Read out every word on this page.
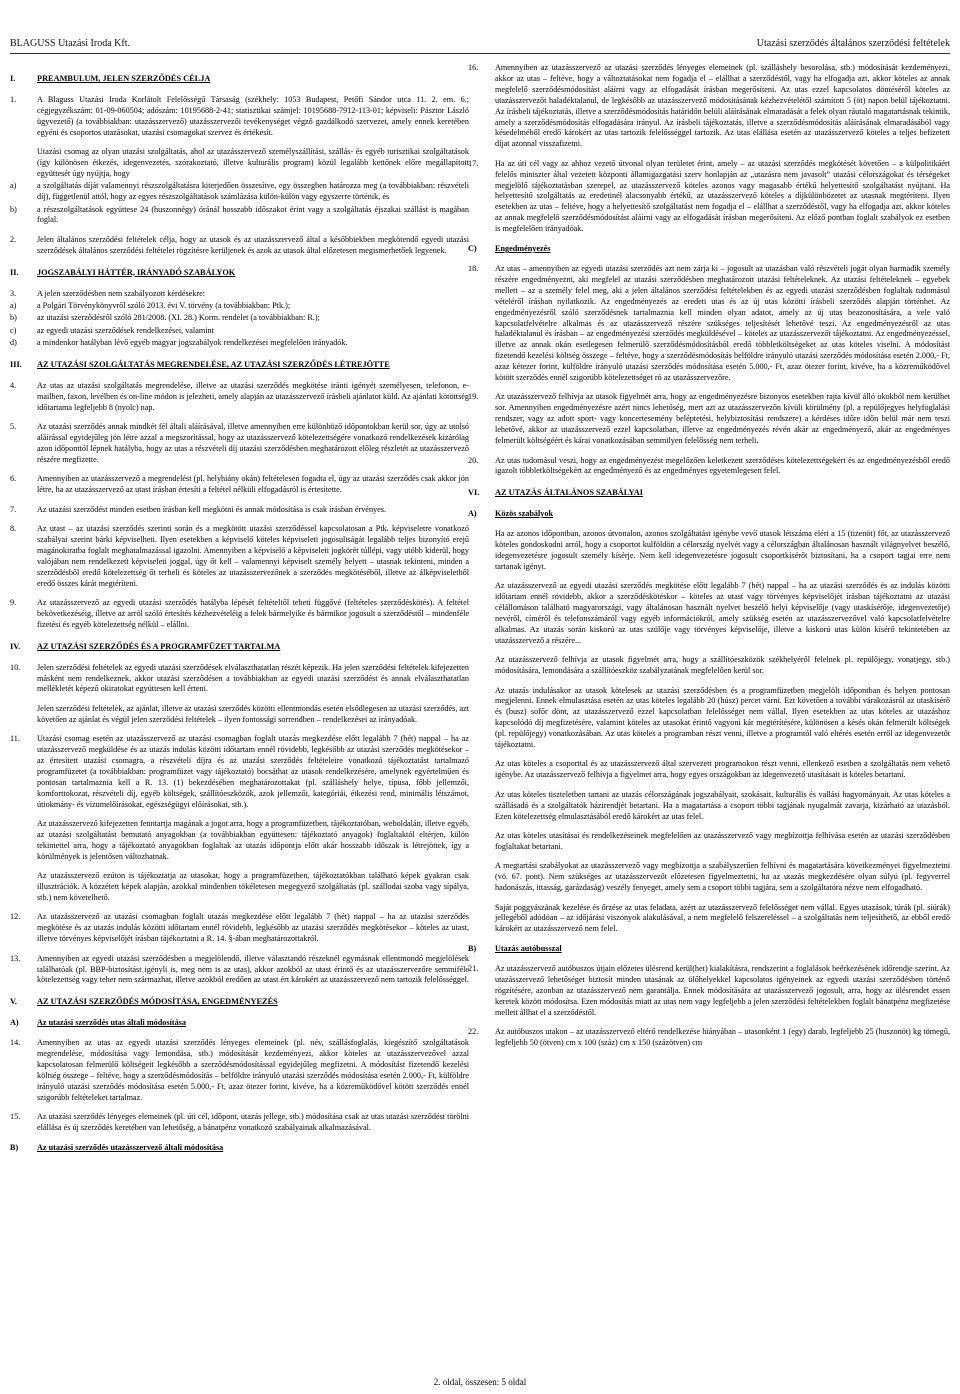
BLAGUSS Utazási Iroda Kft.	Utazási szerződés általános szerződési feltételek
I.	PREAMBULUM, JELEN SZERZŐDÉS CÉLJA
1.	A Blaguss Utazási Iroda Korlátolt Felelősségű Társaság (székhely: 1053 Budapest, Petőfi Sándor utca 11. 2. em. 6.; cégjegyzékszám: 01-09-060504; adószám: 10195688-2-41; statisztikai számjel: 10195688-7912-113-01; képviseli: Pásztor László ügyvezető) (a továbbiakban: utazásszervező) utazásszervezői tevékenységet végző gazdálkodó szervezet, amely ennek keretében egyéni és csoportos utazásokat, utazási csomagokat szervez és értékesít.
Utazási csomag az olyan utazási szolgáltatás, ahol az utazásszervező személyszállítási, szállás- és egyéb turisztikai szolgáltatások (így különösen étkezés, idegenvezetés, szórakoztató, illetve kulturális program) közül legalább kettőnek előre megállapított együttesét úgy nyújtja, hogy
a)	a szolgáltatás díját valamennyi részszolgáltatásra kiterjedően összesítve, egy összegben határozza meg (a továbbiakban: részvételi díj), függetlenül attól, hogy az egyes részszolgáltatások számlázása külön-külön vagy egyszerre történik, és
b) a részszolgáltatások együttese 24 (huszonnégy) óránál hosszabb időszakot érint vagy a szolgáltatás éjszakai szállást is magában foglal.
2.	Jelen általános szerződési feltételek célja, hogy az utasok és az utazásszervező által a későbbiekben megkötendő egyedi utazási szerződések általános szerződési feltételei rögzítésre kerüljenek és azok az utasok által előzetesen megismerhetőek legyenek.
II. JOGSZABÁLYI HÁTTÉR, IRÁNYADÓ SZABÁLYOK
3.	A jelen szerződésben nem szabályozott kérdésekre:
a)	a Polgári Törvénykönyvről szóló 2013. évi V. törvény (a továbbiakban: Ptk.);
b) az utazási szerződésről szóló 281/2008. (XI. 28.) Korm. rendelet (a továbbiakban: R.);
c)	az egyedi utazási szerződések rendelkezései, valamint
d) a mindenkor hatályban lévő egyéb magyar jogszabályok rendelkezései megfelelően irányadók.
III. AZ UTAZÁSI SZOLGÁLTATÁS MEGRENDELÉSE, AZ UTAZÁSI SZERZŐDÉS LÉTREJÖTTE
4.	Az utas az utazási szolgáltatás megrendelése, illetve az utazási szerződés megkötése iránti igényét személyesen, telefonon, e-mailben, faxon, levélben és on-line módon is jelezheti, amely alapján az utazásszervező írásbeli ajánlatot küld. Az ajánlati kötöttség időtartama legfeljebb 8 (nyolc) nap.
5.	Az utazási szerződés annak mindkét fél általi aláírásával, illetve amennyiben erre különböző időpontokban kerül sor, úgy az utolsó aláírással egyidejűleg jön létre azzal a megszorítással, hogy az utazásszervező kötelezettségére vonatkozó rendelkezések kizárólag azon időponttól lépnek hatályba, hogy az utas a részvételi díj utazási szerződésben meghatározott előleg részletét az utazásszervező részére megfizette.
6.	Amennyiben az utazásszervező a megrendelést (pl. helyhiány okán) feltételesen fogadta el, úgy az utazási szerződés csak akkor jön létre, ha az utazásszervező az utast írásban értesíti a feltétel nélküli elfogadásról is értesítette.
7.	Az utazási szerződést minden esetben írásban kell megkötni és annak módosítása is csak írásban érvényes.
8.	Az utast – az utazási szerződés szerinti során és a megkötött utazási szerződéssel kapcsolatosan a Ptk. képviseletre vonatkozó szabályai szerint bárki képviselheti. Ilyen esetekben a képviselő köteles képviseleti jogosultságát legalább teljes bizonyító erejű magánokiratba foglalt meghatalmazással igazolni. Amennyiben a képviselő a képviseleti jogkörét túllépi, vagy utóbb kiderül, hogy valójában nem rendelkezett képviseleti joggal, úgy őt kell – valamennyi képviselt személy helyett – utasnak tekinteni, minden a szerződésből eredő kötelezettség őt terheli és köteles az utazásszervezőnek a szerződés megkötéséből, illetve az álképviseletből eredő összes kárát megtéríteni.
9.	Az utazásszervező az egyedi utazási szerződés hatályba lépését feltételtől teheti függővé (feltételes szerződéskötés). A feltétel bekövetkezéséig, illetve az arról szóló értesítés kézhezvételéig a felek bármelyike és bármikor jogosult a szerződéstől – mindenféle fizetési és egyéb kötelezettség nélkül – elállni.
IV. AZ UTAZÁSI SZERZŐDÉS ÉS A PROGRAMFÜZET TARTALMA
10. Jelen szerződési feltételek az egyedi utazási szerződések elválaszthatatlan részét képezik. Ha jelen szerződési feltételek kifejezetten másként nem rendelkeznek, akkor utazási szerződésen a továbbiakban az egyedi utazási szerződést és annak elválaszthatatlan mellékletét képező okiratokat együttesen kell érteni.
Jelen szerződési feltételek, az ajánlat, illetve az utazási szerződés közötti ellentmondás esetén elsődlegesen az utazási szerződés, azt követően az ajánlat és végül jelen szerződési feltételek – ilyen fontossági sorrendben – rendelkezései az irányadóak.
11. Utazási csomag esetén az utazásszervező az utazási csomagban foglalt utazás megkezdése előtt legalább 7 (hét) nappal – ha az utazásszervező megküldése és az utazás indulás közötti időtartam ennél rövidebb, legkésőbb az utazási szerződés megkötésekor – az értesített utazási csomagra, a részvételi díjra és az utazási szerződés feltételeire vonatkozó tájékoztatást tartalmazó programfüzetet (a továbbiakban: programfüzet vagy tájékoztató) bocsáthat az utasok rendelkezésére, amelynek egyértelműen és pontosan tartalmaznia kell a R. 13. (1) bekezdésében meghatározottakat (pl. szálláshely helye, típusa, főbb jellemzői, komforttokozat, részvételi díj, egyéb költségek, szállítóeszközök, azok jellemzői, kategóriái, étkezési rend, minimális létszámot, útiokmány- és vízumelőírásokat, egészségügyi előírásokat, stb.).
Az utazásszervező kifejezetten fenntartja magának a jogot arra, hogy a programfüzetben, tájékoztatóban, weboldalán, illetve egyéb, az utazási szolgáltatást bemutató anyagokban (a továbbiakban együttesen: tájékoztató anyagok) foglaltaktól eltérjen, külön tekintettel arra, hogy a tájékoztató anyagokban foglaltak az utazás időpontja előtt akár hosszabb időszak is létrejöttek, így a körülmények is jelentősen változhatnak.
Az utazásszervező ezúton is tájékoztatja az utasokat, hogy a programfüzetben, tájékoztatókban található képek gyakran csak illusztrációk. A közzétett képek alapján, azokkal mindenben tökéletesen megegyező szolgáltatás (pl. szállodai szoba vagy sípálya, stb.) nem követelhető.
12. Az utazásszervező az utazási csomagban foglalt utazás megkezdése előtt legalább 7 (hét) nappal – ha az utazási szerződés megkötése és az utazás indulás közötti időtartam ennél rövidebb, legkésőbb az utazási szerződés megkötésekor – köteles az utast, illetve törvényes képviselőjét írásban tájékoztatni a R. 14. §-ában meghatározottakról.
13. Amennyiben az egyedi utazási szerződésben a megjelölendő, illetve választandó részeknél egymásnak ellentmondó megjelölések találhatóak (pl. BBP-biztosítást igényli is, meg nem is az utas), akkor azokból az utast érintő és az utazásszervezőre semmiféle kötelezettség vagy teher nem származhat, illetve azokból eredően az utast ért károkért az utazásszervező nem tartozik felelősséggel.
V. AZ UTAZÁSI SZERZŐDÉS MÓDOSÍTÁSA, ENGEDMÉNYEZÉS
A) Az utazási szerződés utas általi módosítása
14. Amennyiben az utas az egyedi utazási szerződés lényeges elemeinek (pl. név, szállásfoglalás, kiegészítő szolgáltatások megrendelése, módosítása vagy lemondása, stb.) módosítását kezdeményezi, akkor köteles az utazásszervezővel azzal kapcsolatosan felmerülő költségeit legkésőbb a szerződésmódosítással egyidejűleg megfizetni. A módosítást fizetendő kezelési költség összege – feltéve, hogy a szerződésmódosítás – belföldre irányuló utazási szerződés módosítása esetén 2.000,- Ft, külföldre irányuló utazási szerződés módosítása esetén 5.000,- Ft, azaz ötezer forint, kivéve, ha a közreműködővel kötött szerződés ennél szigorúbb feltételeket tartalmaz.
15. Az utazási szerződés lényeges elemeinek (pl. úti cél, időpont, utazás jellege, stb.) módosítása csak az utas utazási szerződést törölni elállása és új szerződés keretében van lehetőség, a bánatpénz vonatkozó szabályainak alkalmazásával.
B) Az utazási szerződés utazásszervező általi módosítása
16. Amennyiben az utazásszervező az utazási szerződés lényeges elemeinek (pl. szálláshely besorolása, stb.) módosítását kezdeményezi, akkor az utas – feltéve, hogy a változtatásokat nem fogadja el – elállhat a szerződéstől, vagy ha elfogadja azt, akkor köteles az annak megfelelő szerződésmódosítást aláírni vagy az elfogadását írásban megerősíteni. Az utas ezzel kapcsolatos döntéséről köteles az utazásszervezőt haladéktalanul, de legkésőbb az utazásszervező módosításának kézhezvételétől számított 5 (öt) napon belül tájékoztatni. Az írásbeli tájékoztatás, illetve a szerződésmódosítás határidőn belüli aláírásának elmaradását a felek olyan ráutaló magatartásnak tekintik, amely a szerződésmódosítás elfogadására irányul. Az írásbeli tájékoztatás, illetve a szerződésmódosítás aláírásának elmaradásából vagy késedelméből eredő károkért az utas tartozik felelősséggel tartozik. Az utas elállása esetén az utazásszervező köteles a teljes befizetett díjat azonnal visszafizetni.
17. Ha az úti cél vagy az ahhoz vezető útvonal olyan területet érint, amely – az utazási szerződés megkötését követően – a külpolitikáért felelős miniszter által vezetett központi államigazgatási szerv honlapján az „utazásra nem javasolt” utazási célországokat és térségeket megjelölő tájékoztatásban szerepel, az utazásszervező köteles azonos vagy magasabb értékű helyettesítő szolgáltatást nyújtani. Ha helyettesítő szolgáltatás az eredetinél alacsonyabb értékű, az utazásszervező köteles a díjkülönbözetet az utasnak megtéríteni. Ilyen esetekben az utas – feltéve, hogy a helyettesítő szolgáltatást nem fogadja el – elállhat a szerződéstől, vagy ha elfogadja azt, akkor köteles az annak megfelelő szerződésmódosítást aláírni vagy az elfogadását írásban megerősíteni. Az előző pontban foglalt szabályok ez esetben is megfelelően irányadóak.
C) Engedményezés
18. Az utas – amennyiben az egyedi utazási szerződés azt nem zárja ki – jogosult az utazásban való részvételi jogát olyan harmadik személy részére engedményezni, aki megfelel az utazási szerződésben meghatározott utazási feltételeknek. Az utazási feltételeknek – egyebek mellett – az a személy felel meg, aki a jelen általános szerződési feltételekben és az egyedi utazási szerződésben foglaltak tudomásul vételéről írásban nyilatkozik. Az engedményezés az eredeti utas és az új utas közötti írásbeli szerződés alapján történhet. Az engedményezésről szóló szerződésnek tartalmaznia kell minden olyan adatot, amely az új utas beazonosítására, a vele való kapcsolatfelvételre alkalmas és az utazásszervező részére szükséges teljesítését lehetővé teszi. Az engedményezésről az utas haladéktalanul és írásban – az engedményezési szerződés megküldésével – köteles az utazásszervezőt tájékoztatni. Az engedményezéssel, illetve az annak okán esetlegesen felmerülő szerződésmódosításból eredő többletköltségeket az utas köteles viselni. A módosítást fizetendő kezelési költség összege – feltéve, hogy a szerződésmódosítás belföldre irányuló utazási szerződés módosítása esetén 2.000,- Ft, azaz kétezer forint, külföldre irányuló utazási szerződés módosítása esetén 5.000,- Ft, azaz ötezer forint, kivéve, ha a közreműködővel kötött szerződés ennél szigorúbb kötelezettséget ró az utazásszervezőre.
19. Az utazásszervező felhívja az utasok figyelmét arra, hogy az engedményezésre bizonyos esetekben rajta kívül álló okokból nem kerülhet sor. Amennyiben engedményezésre azért nincs lehetőség, mert azt az utazásszervezőn kívüli körülmény (pl. a repülőjegyes helyfoglalási rendszer, vagy az adott sport- vagy koncertesemény beléptetési, helybiztosítási rendszere) a kérdéses időre időn belül már nem teszi lehetővé, akkor az utazásszervező ezzel kapcsolatban, illetve az engedményezés révén akár az engedményező, akár az engedményes felmerült költségéért és kárai vonatkozásában semmilyen felelősség nem terheli.
20. Az utas tudomásul veszi, hogy az engedményezést megelőzően keletkezett szerződéses kötelezettségekért és az engedményezésből eredő igazolt többletköltségekért az engedményező és az engedményes egyetemlegesen felel.
VI. AZ UTAZÁS ÁLTALÁNOS SZABÁLYAI
A) Közös szabályok
Ha az azonos időpontban, azonos útvonalon, azonos szolgáltatást igénybe vevő utasok létszáma eléri a 15 (tizenöt) főt, az utazásszervező köteles gondoskodni arról, hogy a csoportot kulföldön a célország nyelvét vagy a célországban általánosan használt világnyelvet beszélő, idegenvezetésre jogosult személy kísérje. Nem kell idegenvezetésre jogosult csoportkísérőt biztosítani, ha a csoport tagjai erre nem tartanak igényt.
Az utazásszervező az egyedi utazási szerződés megkötése előtt legalább 7 (hét) nappal – ha az utazási szerződés és az indulás közötti időtartam ennél rövidebb, akkor a szerződéskötéskor – köteles az utast vagy törvényes képviselőjét írásban tájékoztatni az utazási célállomáson található magyarországi, vagy általánosan használt nyelvet beszélő helyi képviselője (vagy utaskísérője, idegenvezetője) nevéről, címéről és telefonszámáról vagy egyéb információkról, amely szükség esetén az utazásszervezővel való kapcsolatfelvételre alkalmas. Az utazás során kiskorú az utas szülője vagy törvényes képviselője, illetve a kiskorú utas külön kísérő tekintetében az utazásszervező a részére...
Az utazásszervező felhívja az utasok figyelmét arra, hogy a szállítóeszközök székhelyéről felelnek pl. repülőjegy, vonatjegy, stb.) módosítására, lemondására a szállítóeszköz szabályzatának megfelelően kerül sor.
Az utazás indulásakor az utasok kötelesek az utazási szerződésben és a programfüzetben megjelölt időpontban és helyen pontosan megjelenni. Ennek elmulasztása esetén az utas köteles legalább 20 (húsz) percet várni. Ezt követően a további várakozásról az utaskísérő és (busz) sofőr dönt, az utazásszervező ezzel kapcsolatban felelősséget nem vállal. Ilyen esetekben az utas köteles az utazáshoz kapcsolódó díj megfizetésére, valamint köteles az utasokat érintő vagyoni kár megtérítésére, különösen a késés okán felmerült költségek (pl. repülőjegy) vonatkozásában. Az utas köteles a programban részt venni, illetve a programtól való eltérés esetén erről az idegenvezetőt tájékoztatni.
Az utas köteles a csoporttal és az utazásszervező által szervezett programokon részt venni, ellenkező esetben a szolgáltatás nem vehető igénybe. Az utazásszervező felhívja a figyelmet arra, hogy egyes országokban az idegenvezető utasításait is köteles betartani.
Az utas köteles tiszteletben tartani az utazás célországának jogszabályait, szokásait, kulturális és vallási hagyományait. Az utas köteles a szállásadó és a szolgáltatók házirendjét betartani. Ha a magatartása a csoport többi tagjának nyugalmát zavarja, kizárható az utazásból. Ezen kötelezettség elmulasztásából eredő károkért az utas felel.
Az utas köteles utasításai és rendelkezéseinek megfelelően az utazásszervező vagy megbízottja felhívása esetén az utazási szerződésben foglaltakat betartani.
A megtartási szabályokat az utazásszervező vagy megbízottja a szabályszerűen felhívni és magatartására következményei figyelmeztetni (vö. 67. pont). Nem szükséges az utazásszervezőt előzetesen figyelmeztetni, ha az utazás megkezdésére olyan súlyú (pl. fegyverrel hadonászás, ittasság, garázdaság) veszély fenyeget, amely sem a csoport többi tagjára, sem a szolgáltatóra nézve nem elfogadható.
Saját poggyászának kezelése és őrzése az utas feladata, azért az utazásszervező felelősséget nem vállal. Egyes utazások, túrák (pl. síúrák) jellegéből adódóan – az időjárási viszonyok alakulásával, a nem megfelelő felszereléssel – a szolgáltatás nem teljesíthető, az ebből eredő károkért az utazásszervező nem felel.
B) Utazás autóbusszal
21. Az utazásszervező autóbuszos útjain előzetes ülésrend kerül(het) kialakításra, rendszerint a foglalások beérkezésének időrendje szerint. Az utazásszervező lehetőséget biztosít minden utasának az ülőhelyekkel kapcsolatos igényeinek az egyedi utazási szerződésben történő rögzítésére, azonban az utazásszervező nem garantálja. Ennek módosítására az utazásszervező jogosult, arra, hogy az ülésrendet essen keretek között módosítsa. Ezen módosítás miatt az utas nem vagy legfeljebb a jelen szerződési feltételekben foglalt bánatpénz megfizetése mellett állhat el a szerződéstől.
22. Az autóbuszos utakon – az utazásszervező eltérő rendelkezése hiányában – utasonként 1 (egy) darab, legfeljebb 25 (huszonöt) kg tömegű, legfeljebb 50 (ötven) cm x 100 (száz) cm x 150 (százötven) cm
2. oldal, összesen: 5 oldal
